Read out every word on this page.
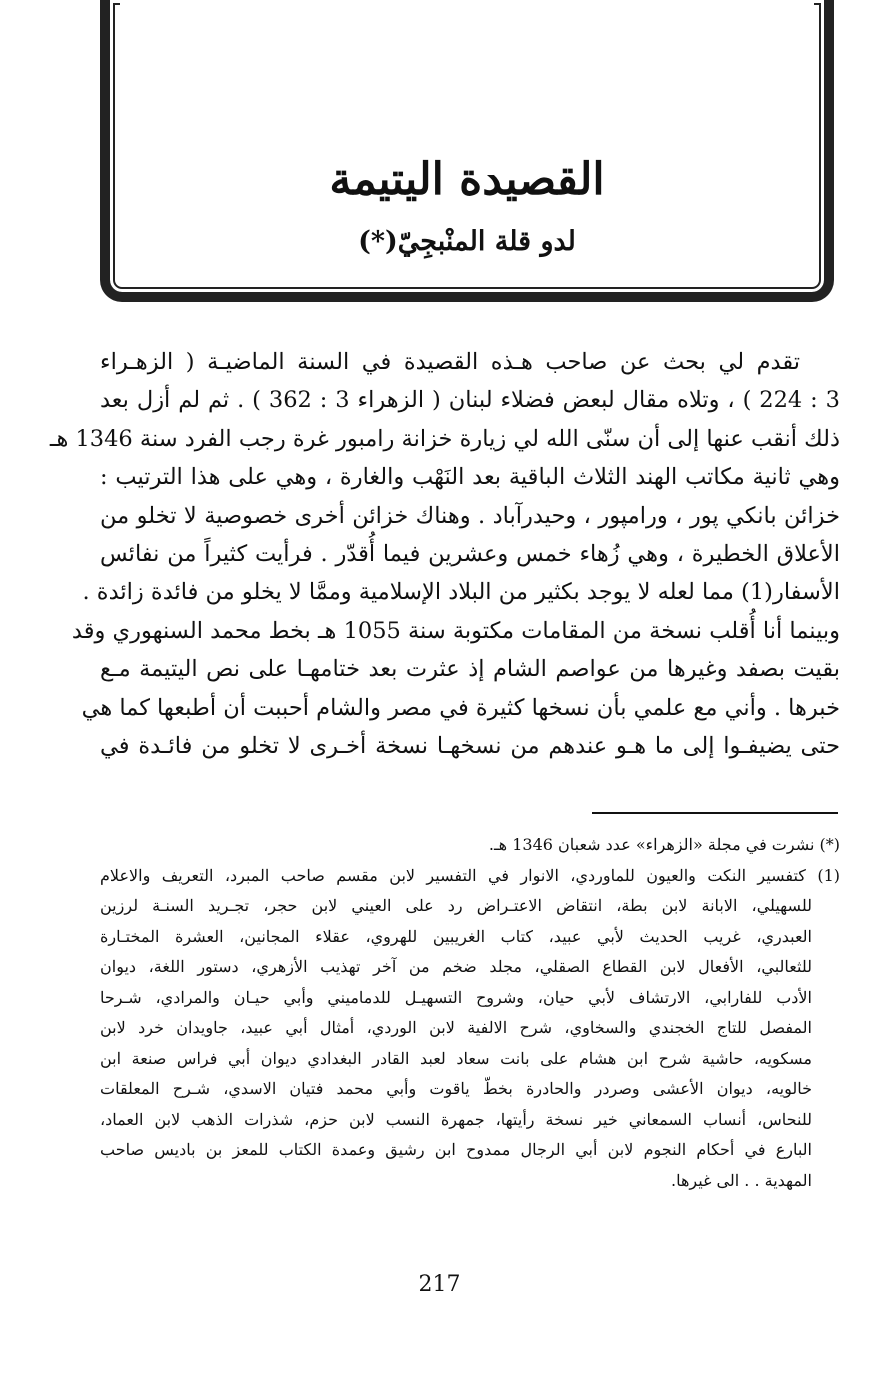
القصيدة اليتيمة
لدو قلة المنْبجِيّ(*)
تقدم لي بحث عن صاحب هـذه القصيدة في السنة الماضيـة ( الزهـراء
3 : 224 ) ، وتلاه مقال لبعض فضلاء لبنان ( الزهراء 3 : 362 ) . ثم لم أزل بعد
ذلك أنقب عنها إلى أن سنّى الله لي زيارة خزانة رامبور غرة رجب الفرد سنة 1346 هـ
وهي ثانية مكاتب الهند الثلاث الباقية بعد النَهْب والغارة ، وهي على هذا الترتيب :
خزائن بانكي پور ، ورامپور ، وحيدرآباد . وهناك خزائن أخرى خصوصية لا تخلو من
الأعلاق الخطيرة ، وهي زُهاء خمس وعشرين فيما أُقدّر . فرأيت كثيراً من نفائس
الأسفار(1) مما لعله لا يوجد بكثير من البلاد الإسلامية وممَّا لا يخلو من فائدة زائدة .
وبينما أنا أُقلب نسخة من المقامات مكتوبة سنة 1055 هـ بخط محمد السنهوري وقد
بقيت بصفد وغيرها من عواصم الشام إذ عثرت بعد ختامهـا على نص اليتيمة مـع
خبرها . وأني مع علمي بأن نسخها كثيرة في مصر والشام أحببت أن أطبعها كما هي
حتى يضيفـوا إلى ما هـو عندهم من نسخهـا نسخة أخـرى لا تخلو من فائـدة في
(*) نشرت في مجلة «الزهراء» عدد شعبان 1346 هـ.
(1) كتفسير النكت والعيون للماوردي، الانوار في التفسير لابن مقسم صاحب المبرد، التعريف والاعلام
للسهيلي، الابانة لابن بطة، انتقاض الاعتـراض رد على العيني لابن حجر، تجـريد السنـة لرزين
العبدري، غريب الحديث لأبي عبيد، كتاب الغريبين للهروي، عقلاء المجانين، العشرة المختـارة
للثعالبي، الأفعال لابن القطاع الصقلي، مجلد ضخم من آخر تهذيب الأزهري، دستور اللغة، ديوان
الأدب للفارابي، الارتشاف لأبي حيان، وشروح التسهيـل للدماميني وأبي حيـان والمرادي، شـرحا
المفصل للتاج الخجندي والسخاوي، شرح الالفية لابن الوردي، أمثال أبي عبيد، جاويدان خرد لابن
مسكويه، حاشية شرح ابن هشام على بانت سعاد لعبد القادر البغدادي ديوان أبي فراس صنعة ابن
خالويه، ديوان الأعشى وصردر والحادرة بخطّ ياقوت وأبي محمد فتيان الاسدي، شـرح المعلقات
للنحاس، أنساب السمعاني خير نسخة رأيتها، جمهرة النسب لابن حزم، شذرات الذهب لابن العماد،
البارع في أحكام النجوم لابن أبي الرجال ممدوح ابن رشيق وعمدة الكتاب للمعز بن باديس صاحب
المهدية . . الى غيرها.
217
